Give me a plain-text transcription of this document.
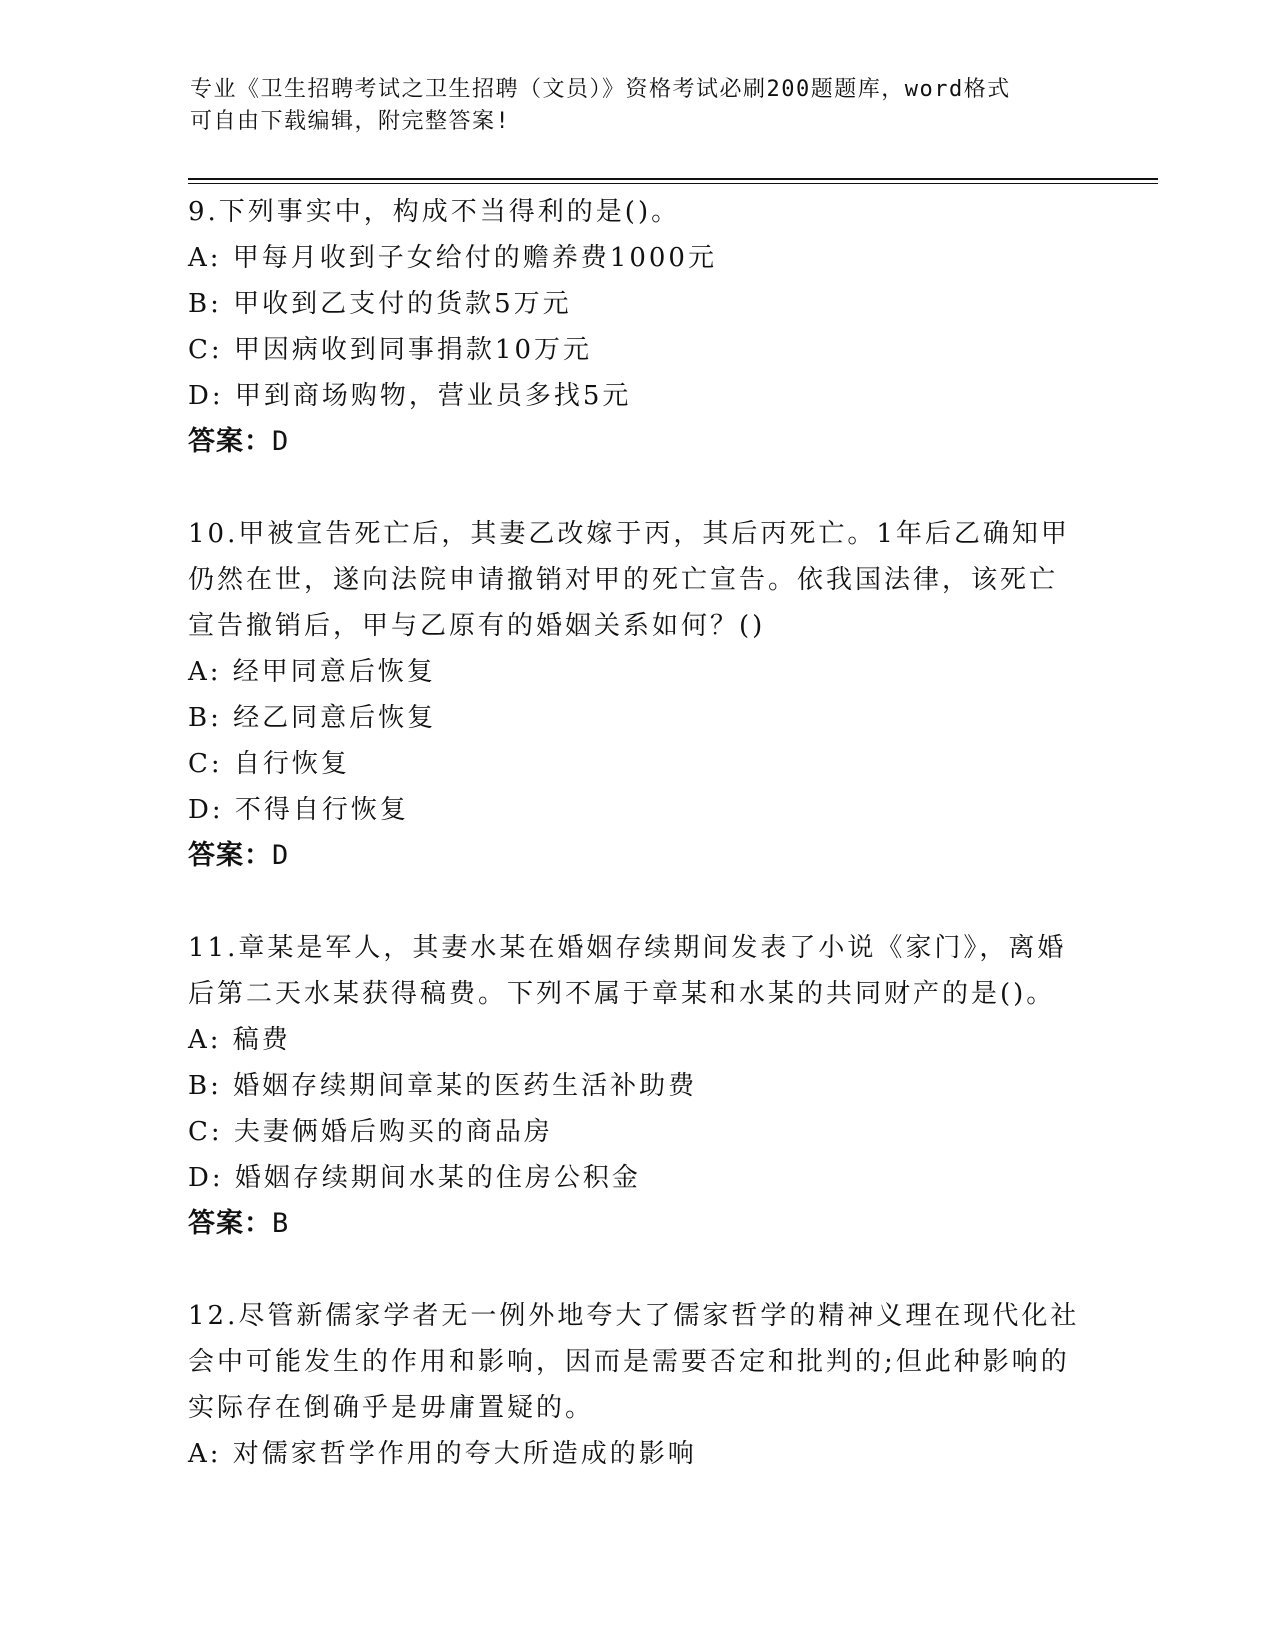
专业《卫生招聘考试之卫生招聘（文员）》资格考试必刷200题题库，word格式
可自由下载编辑，附完整答案!
9.下列事实中，构成不当得利的是()。
A: 甲每月收到子女给付的赡养费1000元
B: 甲收到乙支付的货款5万元
C: 甲因病收到同事捐款10万元
D: 甲到商场购物，营业员多找5元
答案：D
10.甲被宣告死亡后，其妻乙改嫁于丙，其后丙死亡。1年后乙确知甲
仍然在世，遂向法院申请撤销对甲的死亡宣告。依我国法律，该死亡
宣告撤销后，甲与乙原有的婚姻关系如何？()
A: 经甲同意后恢复
B: 经乙同意后恢复
C: 自行恢复
D: 不得自行恢复
答案：D
11.章某是军人，其妻水某在婚姻存续期间发表了小说《家门》，离婚
后第二天水某获得稿费。下列不属于章某和水某的共同财产的是()。
A: 稿费
B: 婚姻存续期间章某的医药生活补助费
C: 夫妻俩婚后购买的商品房
D: 婚姻存续期间水某的住房公积金
答案：B
12.尽管新儒家学者无一例外地夸大了儒家哲学的精神义理在现代化社
会中可能发生的作用和影响，因而是需要否定和批判的;但此种影响的
实际存在倒确乎是毋庸置疑的。
A: 对儒家哲学作用的夸大所造成的影响
